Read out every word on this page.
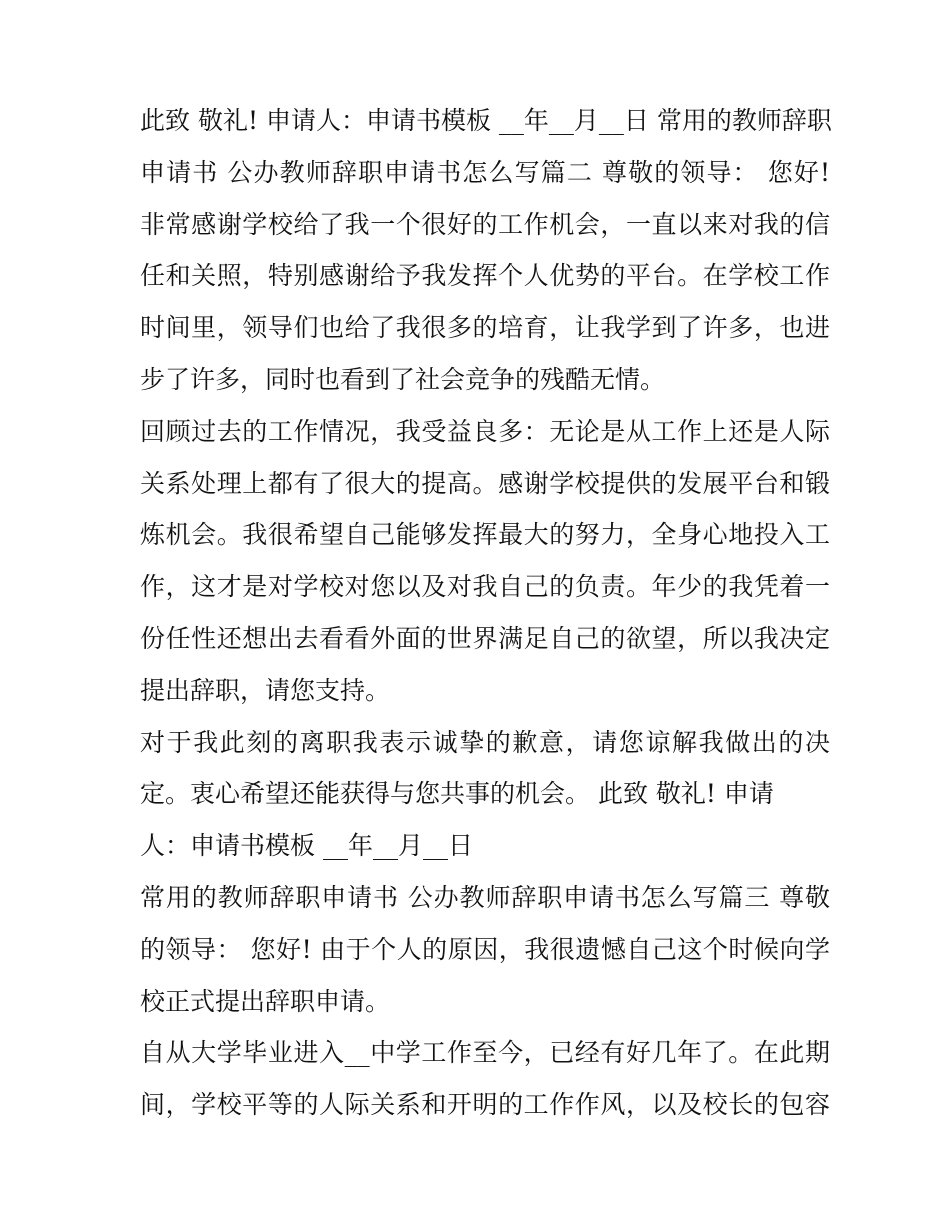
此致 敬礼! 申请人：申请书模板 __年__月__日 常用的教师辞职
申请书 公办教师辞职申请书怎么写篇二 尊敬的领导： 您好!
非常感谢学校给了我一个很好的工作机会，一直以来对我的信
任和关照，特别感谢给予我发挥个人优势的平台。在学校工作
时间里，领导们也给了我很多的培育，让我学到了许多，也进
步了许多，同时也看到了社会竞争的残酷无情。
回顾过去的工作情况，我受益良多：无论是从工作上还是人际
关系处理上都有了很大的提高。感谢学校提供的发展平台和锻
炼机会。我很希望自己能够发挥最大的努力，全身心地投入工
作，这才是对学校对您以及对我自己的负责。年少的我凭着一
份任性还想出去看看外面的世界满足自己的欲望，所以我决定
提出辞职，请您支持。
对于我此刻的离职我表示诚挚的歉意，请您谅解我做出的决
定。衷心希望还能获得与您共事的机会。 此致 敬礼! 申请
人：申请书模板 __年__月__日
常用的教师辞职申请书 公办教师辞职申请书怎么写篇三 尊敬
的领导： 您好! 由于个人的原因，我很遗憾自己这个时候向学
校正式提出辞职申请。
自从大学毕业进入__中学工作至今，已经有好几年了。在此期
间，学校平等的人际关系和开明的工作作风，以及校长的包容
